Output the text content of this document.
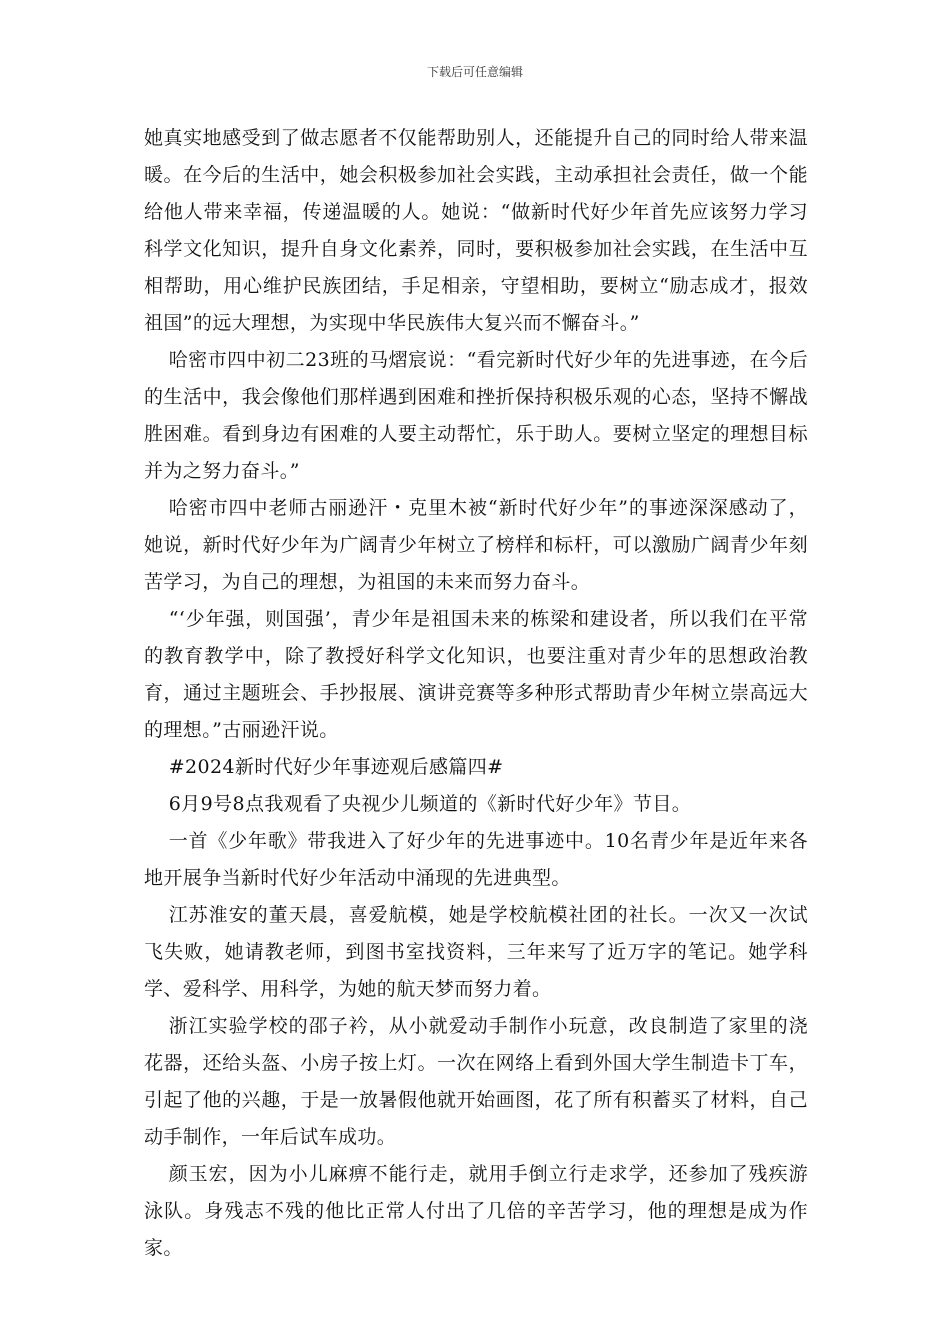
下载后可任意编辑

她真实地感受到了做志愿者不仅能帮助别人，还能提升自己的同时给人带来温暖。在今后的生活中，她会积极参加社会实践，主动承担社会责任，做一个能给他人带来幸福，传递温暖的人。她说：“做新时代好少年首先应该努力学习科学文化知识，提升自身文化素养，同时，要积极参加社会实践，在生活中互相帮助，用心维护民族团结，手足相亲，守望相助，要树立“励志成才，报效祖国”的远大理想，为实现中华民族伟大复兴而不懈奋斗。”

哈密市四中初二23班的马熠宸说：“看完新时代好少年的先进事迹，在今后的生活中，我会像他们那样遇到困难和挫折保持积极乐观的心态，坚持不懈战胜困难。看到身边有困难的人要主动帮忙，乐于助人。要树立坚定的理想目标并为之努力奋斗。”

哈密市四中老师古丽逊汗・克里木被“新时代好少年”的事迹深深感动了，她说，新时代好少年为广阔青少年树立了榜样和标杆，可以激励广阔青少年刻苦学习，为自己的理想，为祖国的未来而努力奋斗。

“‘少年强，则国强’，青少年是祖国未来的栋梁和建设者，所以我们在平常的教育教学中，除了教授好科学文化知识，也要注重对青少年的思想政治教育，通过主题班会、手抄报展、演讲竞赛等多种形式帮助青少年树立崇高远大的理想。”古丽逊汗说。

#2024新时代好少年事迹观后感篇四#

6月9号8点我观看了央视少儿频道的《新时代好少年》节目。

一首《少年歌》带我进入了好少年的先进事迹中。10名青少年是近年来各地开展争当新时代好少年活动中涌现的先进典型。

江苏淮安的董天晨，喜爱航模，她是学校航模社团的社长。一次又一次试飞失败，她请教老师，到图书室找资料，三年来写了近万字的笔记。她学科学、爱科学、用科学，为她的航天梦而努力着。

浙江实验学校的邵子衿，从小就爱动手制作小玩意，改良制造了家里的浇花器，还给头盔、小房子按上灯。一次在网络上看到外国大学生制造卡丁车，引起了他的兴趣，于是一放暑假他就开始画图，花了所有积蓄买了材料，自己动手制作，一年后试车成功。

颜玉宏，因为小儿麻痹不能行走，就用手倒立行走求学，还参加了残疾游泳队。身残志不残的他比正常人付出了几倍的辛苦学习，他的理想是成为作家。
